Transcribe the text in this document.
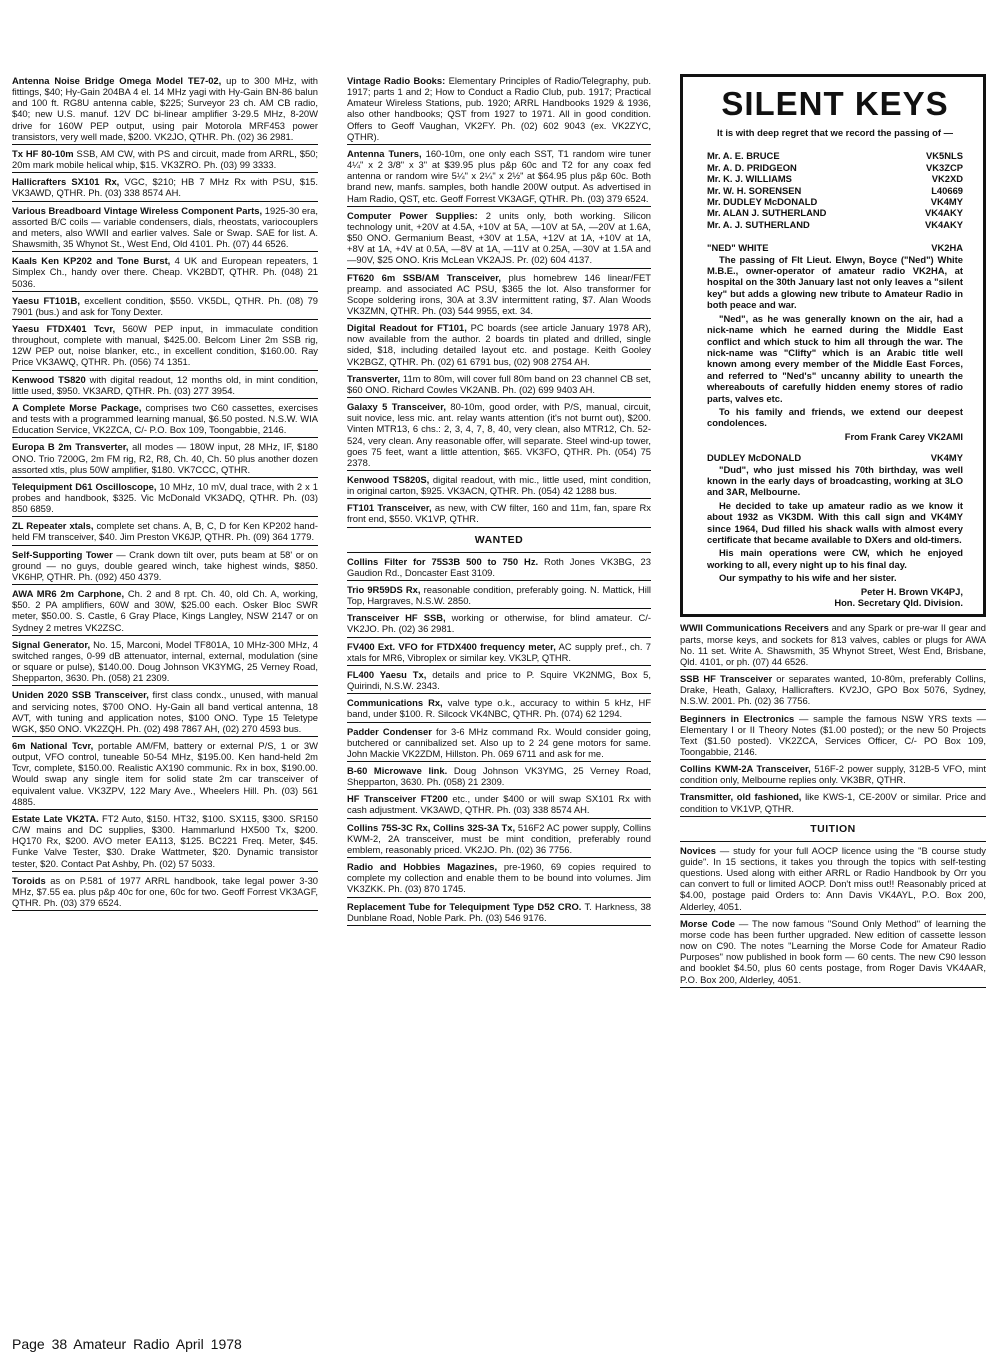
Antenna Noise Bridge Omega Model TE7-02, up to 300 MHz, with fittings, $40; Hy-Gain 204BA 4 el. 14 MHz yagi with Hy-Gain BN-86 balun and 100 ft. RG8U antenna cable, $225; Surveyor 23 ch. AM CB radio, $40; new U.S. manuf. 12V DC bi-linear amplifier 3-29.5 MHz, 8-20W drive for 160W PEP output, using pair Motorola MRF453 power transistors, very well made, $200. VK2JO, QTHR. Ph. (02) 36 2981.
Tx HF 80-10m SSB, AM CW, with PS and circuit, made from ARRL, $50; 20m mark mobile helical whip, $15. VK3ZRO. Ph. (03) 99 3333.
Hallicrafters SX101 Rx, VGC, $210; HB 7 MHz Rx with PSU, $15. VK3AWD, QTHR. Ph. (03) 338 8574 AH.
Various Breadboard Vintage Wireless Component Parts, 1925-30 era, assorted B/C coils — variable condensers, dials, rheostats, variocouplers and meters, also WWII and earlier valves. Sale or Swap. SAE for list. A. Shawsmith, 35 Whynot St., West End, Old 4101. Ph. (07) 44 6526.
Kaals Ken KP202 and Tone Burst, 4 UK and European repeaters, 1 Simplex Ch., handy over there. Cheap. VK2BDT, QTHR. Ph. (048) 21 5036.
Yaesu FT101B, excellent condition, $550. VK5DL, QTHR. Ph. (08) 79 7901 (bus.) and ask for Tony Dexter.
Yaesu FTDX401 Tcvr, 560W PEP input, in immaculate condition throughout, complete with manual, $425.00. Belcom Liner 2m SSB rig, 12W PEP out, noise blanker, etc., in excellent condition, $160.00. Ray Price VK3AWQ, QTHR. Ph. (056) 74 1351.
Kenwood TS820 with digital readout, 12 months old, in mint condition, little used, $950. VK3ARD, QTHR. Ph. (03) 277 3954.
A Complete Morse Package, comprises two C60 cassettes, exercises and tests with a programmed learning manual, $6.50 posted. N.S.W. WIA Education Service, VK2ZCA, C/- P.O. Box 109, Toongabbie, 2146.
Europa B 2m Transverter, all modes — 180W input, 28 MHz, IF, $180 ONO. Trio 7200G, 2m FM rig, R2, R8, Ch. 40, Ch. 50 plus another dozen assorted xtls, plus 50W amplifier, $180. VK7CCC, QTHR.
Telequipment D61 Oscilloscope, 10 MHz, 10 mV, dual trace, with 2 x 1 probes and handbook, $325. Vic McDonald VK3ADQ, QTHR. Ph. (03) 850 6859.
ZL Repeater xtals, complete set chans. A, B, C, D for Ken KP202 hand-held FM transceiver, $40. Jim Preston VK6JP, QTHR. Ph. (09) 364 1779.
Self-Supporting Tower — Crank down tilt over, puts beam at 58' or on ground — no guys, double geared winch, take highest winds, $850. VK6HP, QTHR. Ph. (092) 450 4379.
AWA MR6 2m Carphone, Ch. 2 and 8 rpt. Ch. 40, old Ch. A, working, $50. 2 PA amplifiers, 60W and 30W, $25.00 each. Osker Bloc SWR meter, $50.00. S. Castle, 6 Gray Place, Kings Langley, NSW 2147 or on Sydney 2 metres VK2ZSC.
Signal Generator, No. 15, Marconi, Model TF801A, 10 MHz-300 MHz, 4 switched ranges, 0-99 dB attenuator, internal, external, modulation (sine or square or pulse), $140.00. Doug Johnson VK3YMG, 25 Verney Road, Shepparton, 3630. Ph. (058) 21 2309.
Uniden 2020 SSB Transceiver, first class condx., unused, with manual and servicing notes, $700 ONO. Hy-Gain all band vertical antenna, 18 AVT, with tuning and application notes, $100 ONO. Type 15 Teletype WGK, $50 ONO. VK2ZQH. Ph. (02) 498 7867 AH, (02) 270 4593 bus.
6m National Tcvr, portable AM/FM, battery or external P/S, 1 or 3W output, VFO control, tuneable 50-54 MHz, $195.00. Ken hand-held 2m Tcvr, complete, $150.00. Realistic AX190 communic. Rx in box, $190.00. Would swap any single item for solid state 2m car transceiver of equivalent value. VK3ZPV, 122 Mary Ave., Wheelers Hill. Ph. (03) 561 4885.
Estate Late VK2TA. FT2 Auto, $150. HT32, $100. SX115, $300. SR150 C/W mains and DC supplies, $300. Hammarlund HX500 Tx, $200. HQ170 Rx, $200. AVO meter EA113, $125. BC221 Freq. Meter, $45. Funke Valve Tester, $30. Drake Wattmeter, $20. Dynamic transistor tester, $20. Contact Pat Ashby, Ph. (02) 57 5033.
Toroids as on P.581 of 1977 ARRL handbook, take legal power 3-30 MHz, $7.55 ea. plus p&p 40c for one, 60c for two. Geoff Forrest VK3AGF, QTHR. Ph. (03) 379 6524.
Vintage Radio Books: Elementary Principles of Radio/Telegraphy, pub. 1917; parts 1 and 2; How to Conduct a Radio Club, pub. 1917; Practical Amateur Wireless Stations, pub. 1920; ARRL Handbooks 1929 & 1936, also other handbooks; QST from 1927 to 1971. All in good condition. Offers to Geoff Vaughan, VK2FY. Ph. (02) 602 9043 (ex. VK2ZYC, QTHR).
Antenna Tuners, 160-10m, one only each SST, T1 random wire tuner 4¼" x 2 3/8" x 3" at $39.95 plus p&p 60c and T2 for any coax fed antenna or random wire 5¼" x 2¼" x 2½" at $64.95 plus p&p 60c. Both brand new, manfs. samples, both handle 200W output. As advertised in Ham Radio, QST, etc. Geoff Forrest VK3AGF, QTHR. Ph. (03) 379 6524.
Computer Power Supplies: 2 units only, both working. Silicon technology unit, +20V at 4.5A, +10V at 5A, —10V at 5A, —20V at 1.6A, $50 ONO. Germanium Beast, +30V at 1.5A, +12V at 1A, +10V at 1A, +8V at 1A, +4V at 0.5A, —8V at 1A, —11V at 0.25A, —30V at 1.5A and —90V, $25 ONO. Kris McLean VK2AJS. Pr. (02) 604 4137.
FT620 6m SSB/AM Transceiver, plus homebrew 146 linear/FET preamp. and associated AC PSU, $365 the lot. Also transformer for Scope soldering irons, 30A at 3.3V intermittent rating, $7. Alan Woods VK3ZMN, QTHR. Ph. (03) 544 9955, ext. 34.
Digital Readout for FT101, PC boards (see article January 1978 AR), now available from the author. 2 boards tin plated and drilled, single sided, $18, including detailed layout etc. and postage. Keith Gooley VK2BGZ, QTHR. Ph. (02) 61 6791 bus, (02) 908 2754 AH.
Transverter, 11m to 80m, will cover full 80m band on 23 channel CB set, $60 ONO. Richard Cowles VK2ANB. Ph. (02) 699 9403 AH.
Galaxy 5 Transceiver, 80-10m, good order, with P/S, manual, circuit, suit novice, less mic. ant. relay wants attention (it's not burnt out), $200. Vinten MTR13, 6 chs.: 2, 3, 4, 7, 8, 40, very clean, also MTR12, Ch. 52-524, very clean. Any reasonable offer, will separate. Steel wind-up tower, goes 75 feet, want a little attention, $65. VK3FO, QTHR. Ph. (054) 75 2378.
Kenwood TS820S, digital readout, with mic., little used, mint condition, in original carton, $925. VK3ACN, QTHR. Ph. (054) 42 1288 bus.
FT101 Transceiver, as new, with CW filter, 160 and 11m, fan, spare Rx front end, $550. VK1VP, QTHR.
WANTED
Collins Filter for 75S3B 500 to 750 Hz. Roth Jones VK3BG, 23 Gaudion Rd., Doncaster East 3109.
Trio 9R59DS Rx, reasonable condition, preferably going. N. Mattick, Hill Top, Hargraves, N.S.W. 2850.
Transceiver HF SSB, working or otherwise, for blind amateur. C/- VK2JO. Ph. (02) 36 2981.
FV400 Ext. VFO for FTDX400 frequency meter, AC supply pref., ch. 7 xtals for MR6, Vibroplex or similar key. VK3LP, QTHR.
FL400 Yaesu Tx, details and price to P. Squire VK2NMG, Box 5, Quirindi, N.S.W. 2343.
Communications Rx, valve type o.k., accuracy to within 5 kHz, HF band, under $100. R. Silcock VK4NBC, QTHR. Ph. (074) 62 1294.
Padder Condenser for 3-6 MHz command Rx. Would consider going, butchered or cannibalized set. Also up to 2 24 gene motors for same. John Mackie VK2ZDM, Hillston. Ph. 069 6711 and ask for me.
B-60 Microwave link. Doug Johnson VK3YMG, 25 Verney Road, Shepparton, 3630. Ph. (058) 21 2309.
HF Transceiver FT200 etc., under $400 or will swap SX101 Rx with cash adjustment. VK3AWD, QTHR. Ph. (03) 338 8574 AH.
Collins 75S-3C Rx, Collins 32S-3A Tx, 516F2 AC power supply, Collins KWM-2, 2A transceiver, must be mint condition, preferably round emblem, reasonably priced. VK2JO. Ph. (02) 36 7756.
Radio and Hobbies Magazines, pre-1960, 69 copies required to complete my collection and enable them to be bound into volumes. Jim VK3ZKK. Ph. (03) 870 1745.
Replacement Tube for Telequipment Type D52 CRO. T. Harkness, 38 Dunblane Road, Noble Park. Ph. (03) 546 9176.
SILENT KEYS
It is with deep regret that we record the passing of —
Mr. A. E. BRUCE	VK5NLS
Mr. A. D. PRIDGEON	VK3ZCP
Mr. K. J. WILLIAMS	VK2XD
Mr. W. H. SORENSEN	L40669
Mr. DUDLEY McDONALD	VK4MY
Mr. ALAN J. SUTHERLAND	VK4AKY
Mr. A. J. SUTHERLAND	VK4AKY
"NED" WHITE	VK2HA

The passing of Flt Lieut. Elwyn, Boyce ("Ned") White M.B.E., owner-operator of amateur radio VK2HA, at hospital on the 30th January last not only leaves a "silent key" but adds a glowing new tribute to Amateur Radio in both peace and war.

"Ned", as he was generally known on the air, had a nick-name which he earned during the Middle East conflict and which stuck to him all through the war. The nick-name was "Clifty" which is an Arabic title well known among every member of the Middle East Forces, and referred to "Ned's" uncanny ability to unearth the whereabouts of carefully hidden enemy stores of radio parts, valves etc.

To his family and friends, we extend our deepest condolences.

From Frank Carey VK2AMI

DUDLEY McDONALD	VK4MY

"Dud", who just missed his 70th birthday, was well known in the early days of broadcasting, working at 3LO and 3AR, Melbourne.

He decided to take up amateur radio as we know it about 1932 as VK3DM. With this call sign and VK4MY since 1964, Dud filled his shack walls with almost every certificate that became available to DXers and old-timers.

His main operations were CW, which he enjoyed working to all, every night up to his final day.

Our sympathy to his wife and her sister.

Peter H. Brown VK4PJ,

Hon. Secretary Qld. Division.

WWII Communications Receivers and any Spark or pre-war II gear and parts, morse keys, and sockets for 813 valves, cables or plugs for AWA No. 11 set. Write A. Shawsmith, 35 Whynot Street, West End, Brisbane, Qld. 4101, or ph. (07) 44 6526.
SSB HF Transceiver or separates wanted, 10-80m, preferably Collins, Drake, Heath, Galaxy, Hallicrafters. KV2JO, GPO Box 5076, Sydney, N.S.W. 2001. Ph. (02) 36 7756.
Beginners in Electronics — sample the famous NSW YRS texts — Elementary I or II Theory Notes ($1.00 posted); or the new 50 Projects Text ($1.50 posted). VK2ZCA, Services Officer, C/- PO Box 109, Toongabbie, 2146.
Collins KWM-2A Transceiver, 516F-2 power supply, 312B-5 VFO, mint condition only, Melbourne replies only. VK3BR, QTHR.
Transmitter, old fashioned, like KWS-1, CE-200V or similar. Price and condition to VK1VP, QTHR.
TUITION
Novices — study for your full AOCP licence using the "B course study guide". In 15 sections, it takes you through the topics with self-testing questions. Used along with either ARRL or Radio Handbook by Orr you can convert to full or limited AOCP. Don't miss out!! Reasonably priced at $4.00, postage paid Orders to: Ann Davis VK4AYL, P.O. Box 200, Alderley, 4051.
Morse Code — The now famous "Sound Only Method" of learning the morse code has been further upgraded. New edition of cassette lesson now on C90. The notes "Learning the Morse Code for Amateur Radio Purposes" now published in book form — 60 cents. The new C90 lesson and booklet $4.50, plus 60 cents postage, from Roger Davis VK4AAR, P.O. Box 200, Alderley, 4051.
Page 38 Amateur Radio April 1978
